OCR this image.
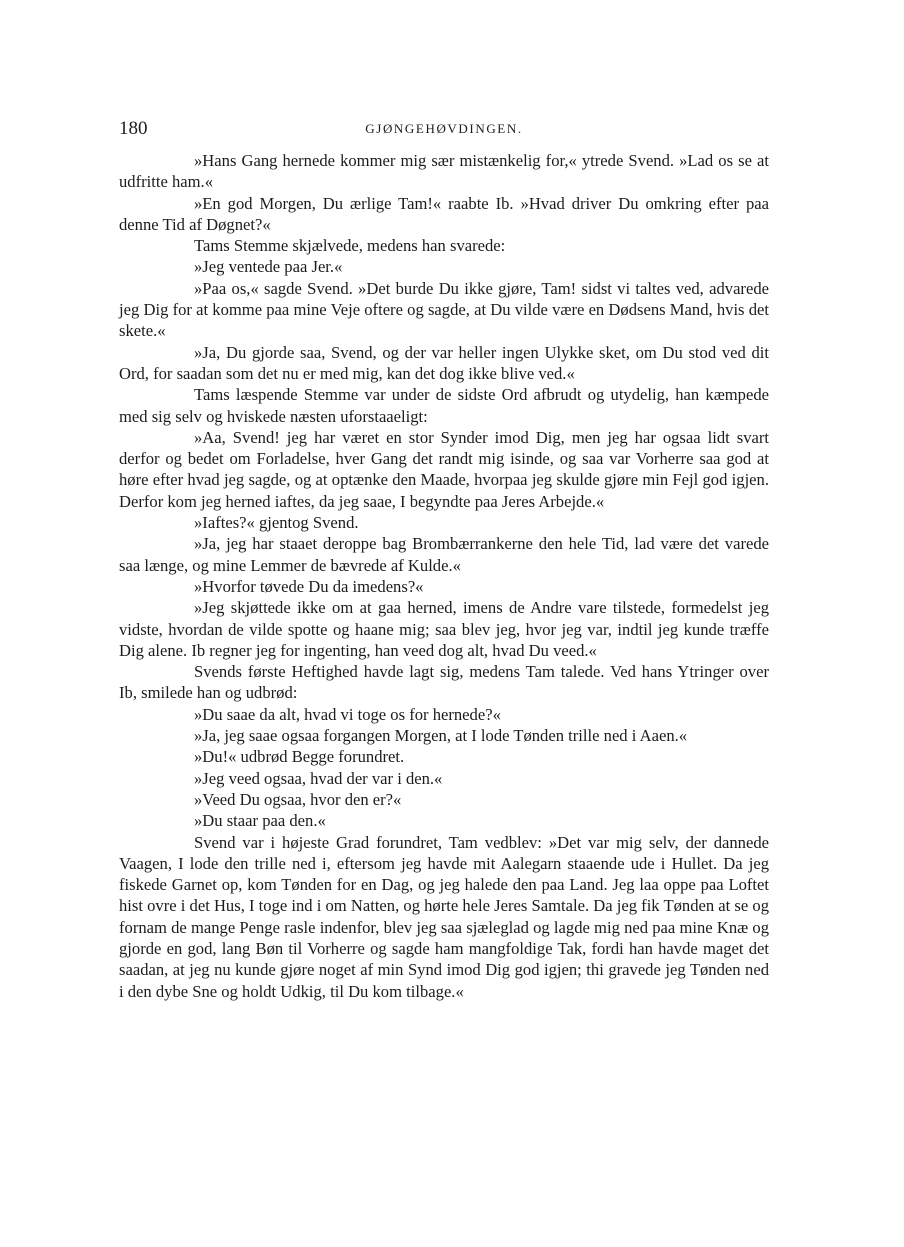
180	GJØNGEHØVDINGEN.

»Hans Gang hernede kommer mig sær mistænkelig for,« ytrede Svend. »Lad os se at udfritte ham.«

»En god Morgen, Du ærlige Tam!« raabte Ib. »Hvad driver Du omkring efter paa denne Tid af Døgnet?«

Tams Stemme skjælvede, medens han svarede:

»Jeg ventede paa Jer.«

»Paa os,« sagde Svend. »Det burde Du ikke gjøre, Tam! sidst vi taltes ved, advarede jeg Dig for at komme paa mine Veje oftere og sagde, at Du vilde være en Dødsens Mand, hvis det skete.«

»Ja, Du gjorde saa, Svend, og der var heller ingen Ulykke sket, om Du stod ved dit Ord, for saadan som det nu er med mig, kan det dog ikke blive ved.«

Tams læspende Stemme var under de sidste Ord afbrudt og utydelig, han kæmpede med sig selv og hviskede næsten uforstaaeligt:

»Aa, Svend! jeg har været en stor Synder imod Dig, men jeg har ogsaa lidt svart derfor og bedet om Forladelse, hver Gang det randt mig isinde, og saa var Vorherre saa god at høre efter hvad jeg sagde, og at optænke den Maade, hvorpaa jeg skulde gjøre min Fejl god igjen. Derfor kom jeg herned iaftes, da jeg saae, I begyndte paa Jeres Arbejde.«

»Iaftes?« gjentog Svend.

»Ja, jeg har staaet deroppe bag Brombærrankerne den hele Tid, lad være det varede saa længe, og mine Lemmer de bævrede af Kulde.«

»Hvorfor tøvede Du da imedens?«

»Jeg skjøttede ikke om at gaa herned, imens de Andre vare tilstede, formedelst jeg vidste, hvordan de vilde spotte og haane mig; saa blev jeg, hvor jeg var, indtil jeg kunde træffe Dig alene. Ib regner jeg for ingenting, han veed dog alt, hvad Du veed.«

Svends første Heftighed havde lagt sig, medens Tam talede. Ved hans Ytringer over Ib, smilede han og udbrød:

»Du saae da alt, hvad vi toge os for hernede?«

»Ja, jeg saae ogsaa forgangen Morgen, at I lode Tønden trille ned i Aaen.«

»Du!« udbrød Begge forundret.

»Jeg veed ogsaa, hvad der var i den.«

»Veed Du ogsaa, hvor den er?«

»Du staar paa den.«

Svend var i højeste Grad forundret, Tam vedblev: »Det var mig selv, der dannede Vaagen, I lode den trille ned i, eftersom jeg havde mit Aalegarn staaende ude i Hullet. Da jeg fiskede Garnet op, kom Tønden for en Dag, og jeg halede den paa Land. Jeg laa oppe paa Loftet hist ovre i det Hus, I toge ind i om Natten, og hørte hele Jeres Samtale. Da jeg fik Tønden at se og fornam de mange Penge rasle indenfor, blev jeg saa sjæleglad og lagde mig ned paa mine Knæ og gjorde en god, lang Bøn til Vorherre og sagde ham mangfoldige Tak, fordi han havde maget det saadan, at jeg nu kunde gjøre noget af min Synd imod Dig god igjen; thi gravede jeg Tønden ned i den dybe Sne og holdt Udkig, til Du kom tilbage.«
